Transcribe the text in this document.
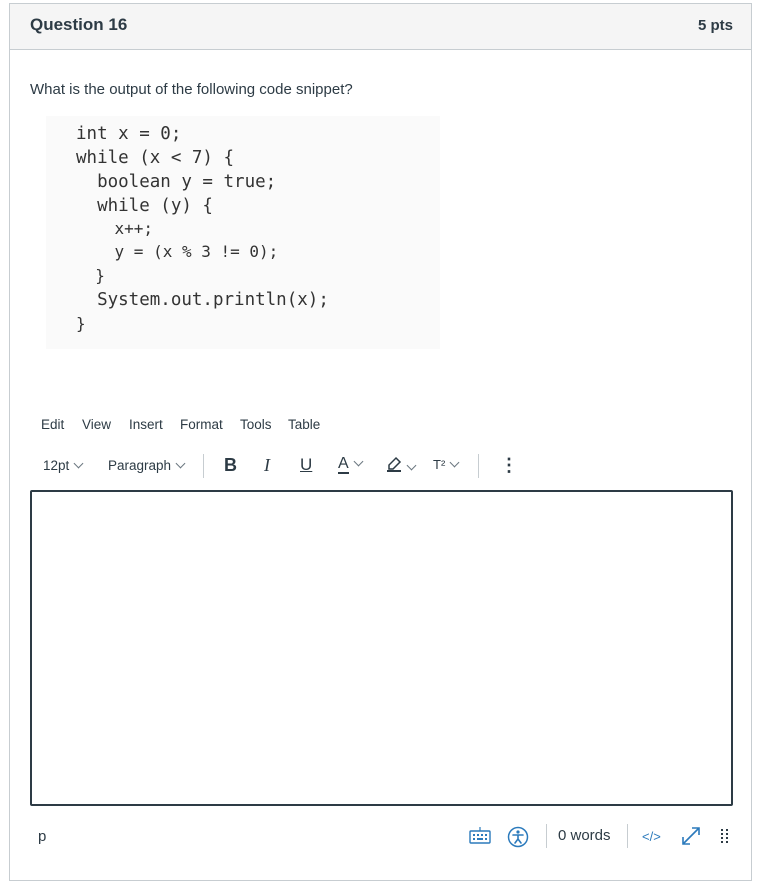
Question 16	5 pts
What is the output of the following code snippet?
int x = 0;
while (x < 7) {
boolean y = true;
while (y) {
x++;
y = (x % 3 != 0);
}
System.out.println(x);
}
Edit View Insert Format Tools Table
12pt	Paragraph	B I U A	T²	⋮
p	0 words </>
